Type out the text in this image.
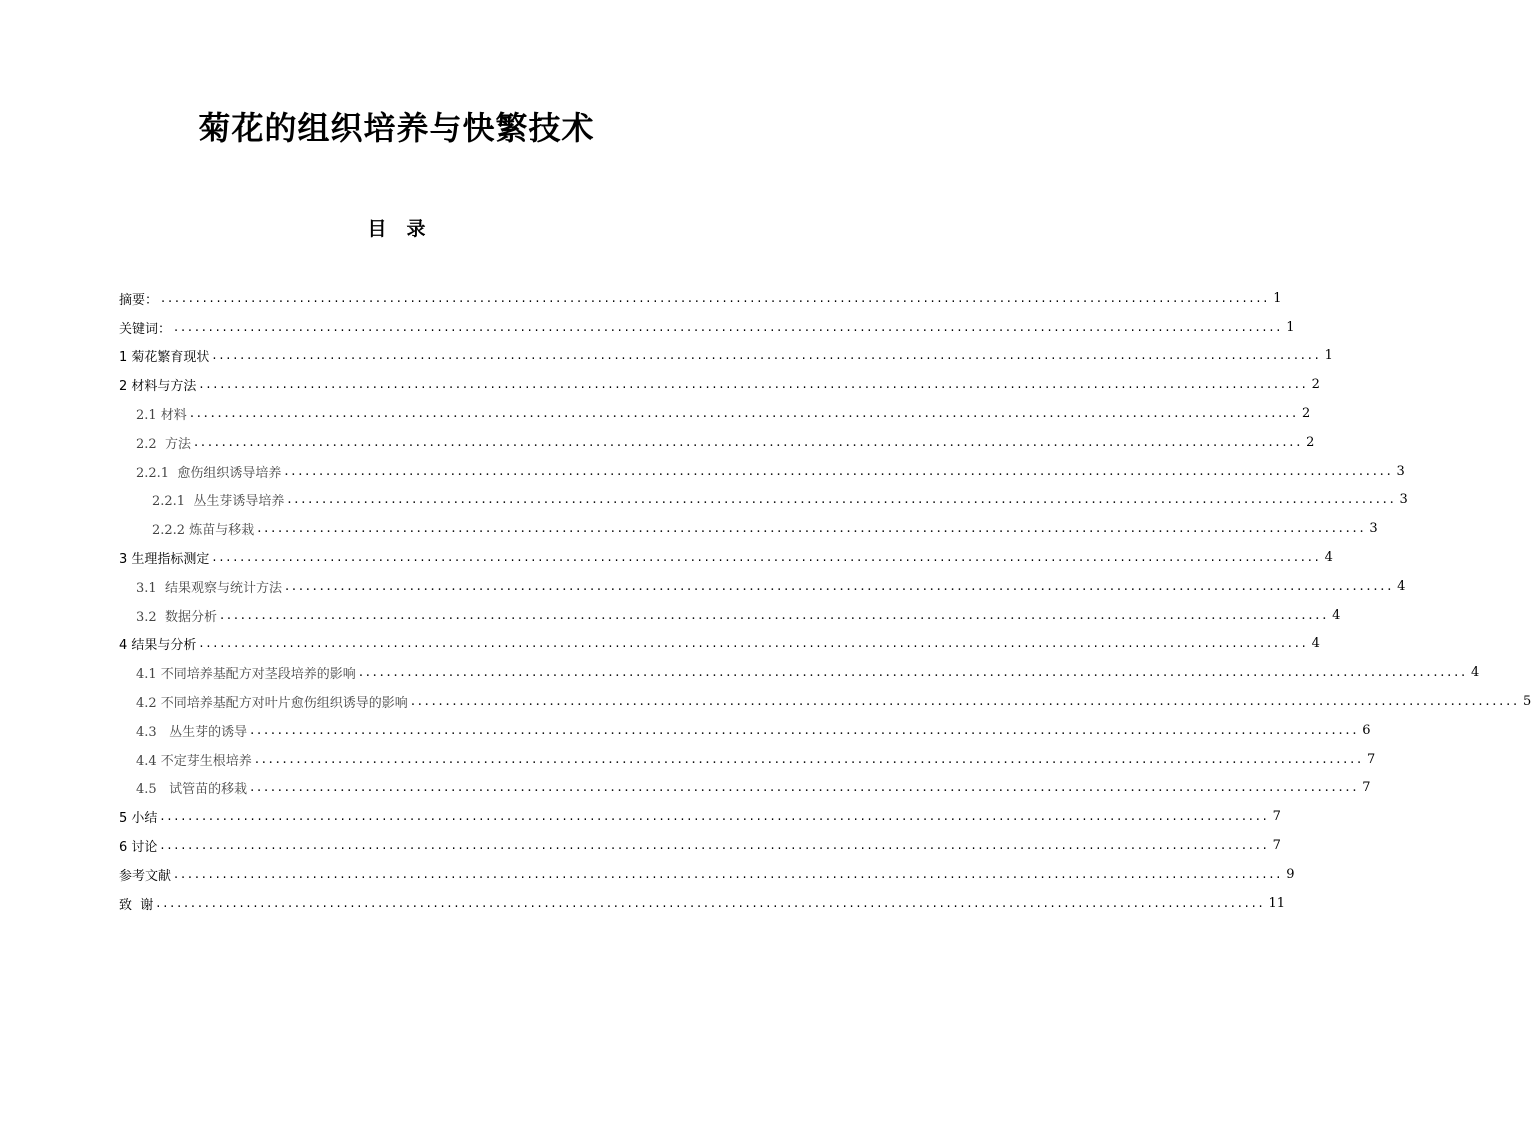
菊花的组织培养与快繁技术
目 录
摘要： ................................................................................................................................................................ 1
关键词： ................................................................................................................................................................ 1
1 菊花繁育现状 ................................................................................................................................................................ 1
2 材料与方法 ................................................................................................................................................................ 2
2.1 材料 ................................................................................................................................................................ 2
2.2  方法 ................................................................................................................................................................ 2
2.2.1  愈伤组织诱导培养 ................................................................................................................................................................ 3
2.2.1  丛生芽诱导培养 ................................................................................................................................................................ 3
2.2.2 炼苗与移栽 ................................................................................................................................................................ 3
3 生理指标测定 ................................................................................................................................................................ 4
3.1  结果观察与统计方法 ................................................................................................................................................................ 4
3.2  数据分析 ................................................................................................................................................................ 4
4 结果与分析 ................................................................................................................................................................ 4
4.1 不同培养基配方对茎段培养的影响 ................................................................................................................................................................ 4
4.2 不同培养基配方对叶片愈伤组织诱导的影响 ................................................................................................................................................................ 5
4.3   丛生芽的诱导 ................................................................................................................................................................ 6
4.4 不定芽生根培养 ................................................................................................................................................................ 7
4.5   试管苗的移栽 ................................................................................................................................................................ 7
5 小结 ................................................................................................................................................................ 7
6 讨论 ................................................................................................................................................................ 7
参考文献 ................................................................................................................................................................ 9
致  谢 ................................................................................................................................................................ 11
